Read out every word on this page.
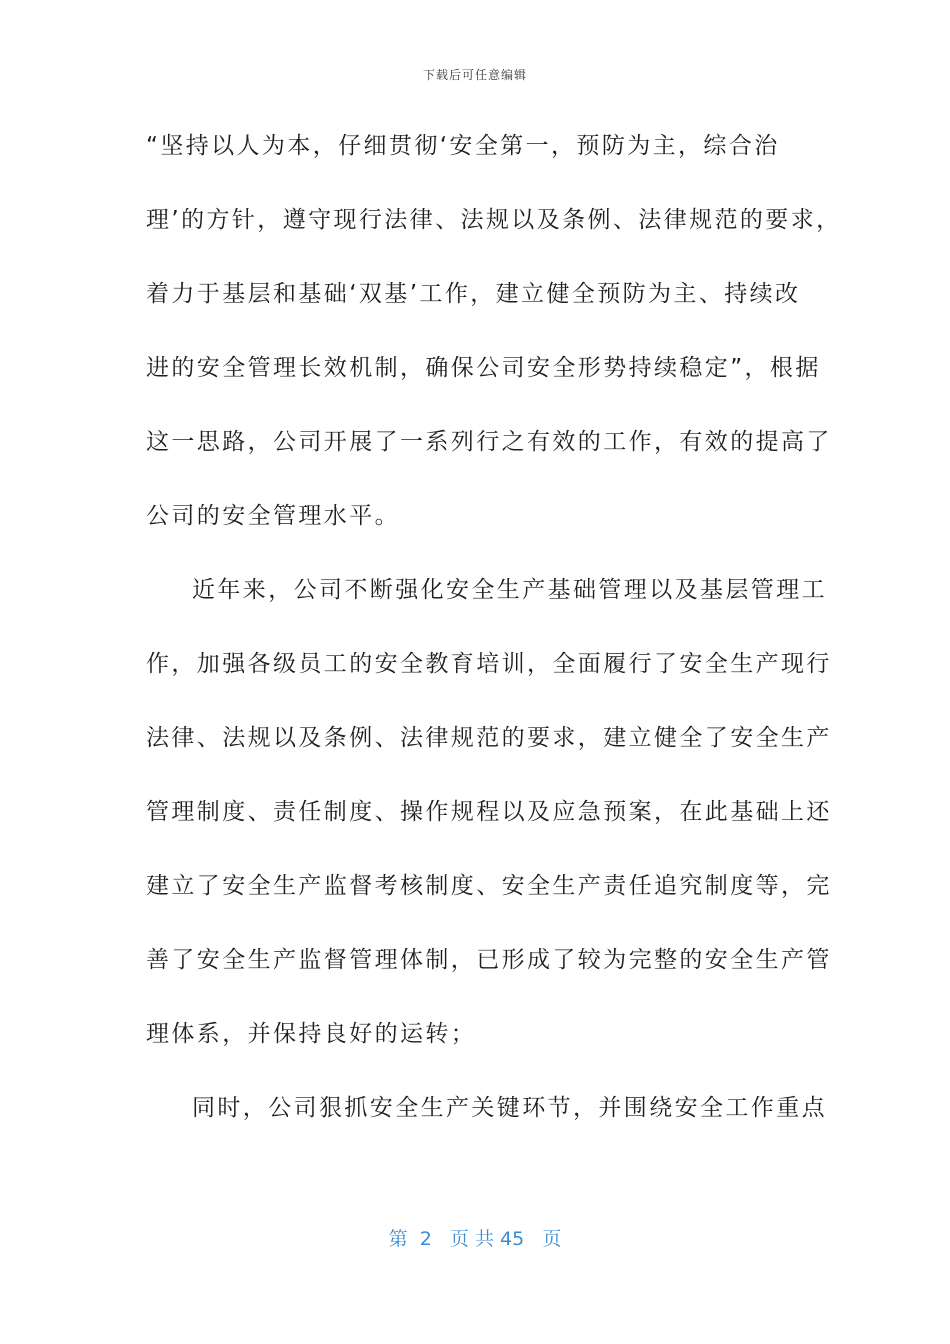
下载后可任意编辑
“坚持以人为本，仔细贯彻‘安全第一，预防为主，综合治
理’的方针，遵守现行法律、法规以及条例、法律规范的要求，
着力于基层和基础‘双基’工作，建立健全预防为主、持续改
进的安全管理长效机制，确保公司安全形势持续稳定”，根据
这一思路，公司开展了一系列行之有效的工作，有效的提高了
公司的安全管理水平。
近年来，公司不断强化安全生产基础管理以及基层管理工
作，加强各级员工的安全教育培训，全面履行了安全生产现行
法律、法规以及条例、法律规范的要求，建立健全了安全生产
管理制度、责任制度、操作规程以及应急预案，在此基础上还
建立了安全生产监督考核制度、安全生产责任追究制度等，完
善了安全生产监督管理体制，已形成了较为完整的安全生产管
理体系，并保持良好的运转；
同时，公司狠抓安全生产关键环节，并围绕安全工作重点
第 2 页 共 45 页
